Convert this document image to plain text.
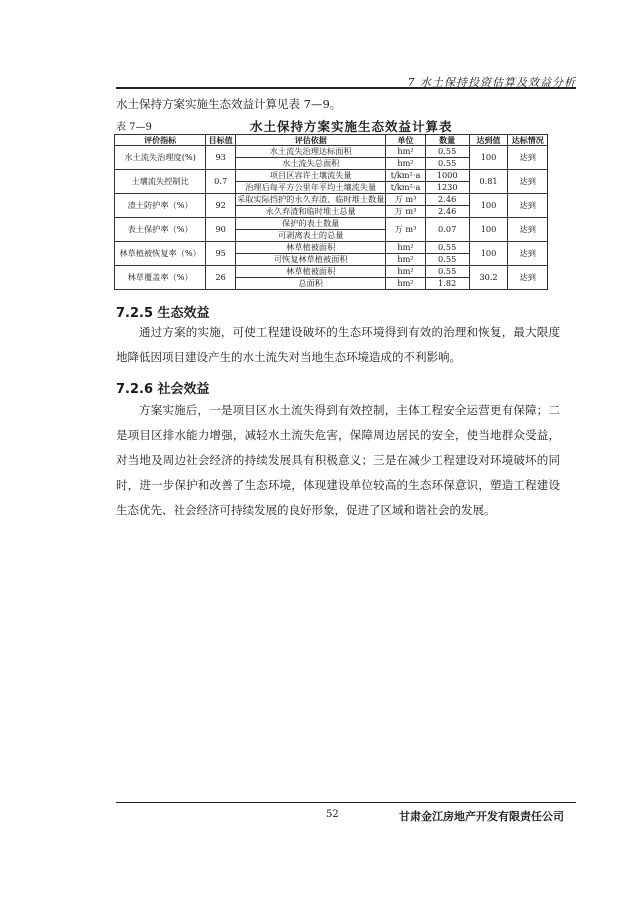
7 水土保持投资估算及效益分析
水土保持方案实施生态效益计算见表 7—9。
表 7—9	水土保持方案实施生态效益计算表
评价指标	目标值	评估依据	单位	数量	达到值	达标情况
水土流失治理度(%)	93	水土流失治理达标面积	hm²	0.55	100	达到
		水土流失总面积	hm²	0.55		
土壤流失控制比	0.7	项目区容许土壤流失量	t/km²·a	1000	0.81	达到
		治理后每平方公里年平均土壤流失量	t/km²·a	1230		
渣土防护率（%）	92	采取实际挡护的永久弃渣、临时堆土数量	万 m³	2.46	100	达到
		永久弃渣和临时堆土总量	万 m³	2.46		
表土保护率（%）	90	保护的表土数量	万 m³	0.07	100	达到
		可剥离表土的总量				
林草植被恢复率（%）	95	林草植被面积	hm²	0.55	100	达到
		可恢复林草植被面积	hm²	0.55		
林草覆盖率（%）	26	林草植被面积	hm²	0.55	30.2	达到
		总面积	hm²	1.82		
7.2.5 生态效益

通过方案的实施，可使工程建设破坏的生态环境得到有效的治理和恢复，最大限度地降低因项目建设产生的水土流失对当地生态环境造成的不利影响。

7.2.6 社会效益

方案实施后，一是项目区水土流失得到有效控制，主体工程安全运营更有保障；二是项目区排水能力增强，减轻水土流失危害，保障周边居民的安全，使当地群众受益，对当地及周边社会经济的持续发展具有积极意义；三是在减少工程建设对环境破坏的同时，进一步保护和改善了生态环境，体现建设单位较高的生态环保意识，塑造工程建设生态优先、社会经济可持续发展的良好形象，促进了区域和谐社会的发展。

52	甘肃金江房地产开发有限责任公司
